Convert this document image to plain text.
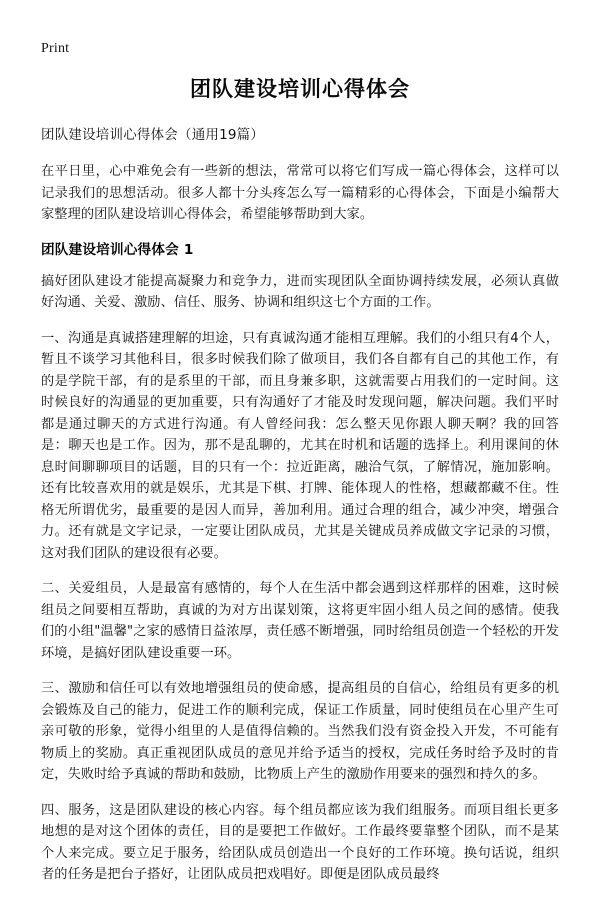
Print
团队建设培训心得体会
团队建设培训心得体会（通用19篇）

在平日里，心中难免会有一些新的想法，常常可以将它们写成一篇心得体会，这样可以记录我们的思想活动。很多人都十分头疼怎么写一篇精彩的心得体会，下面是小编帮大家整理的团队建设培训心得体会，希望能够帮助到大家。

团队建设培训心得体会 1

搞好团队建设才能提高凝聚力和竞争力，进而实现团队全面协调持续发展，必须认真做好沟通、关爱、激励、信任、服务、协调和组织这七个方面的工作。

一、沟通是真诚搭建理解的坦途，只有真诚沟通才能相互理解。我们的小组只有4个人，暂且不谈学习其他科目，很多时候我们除了做项目，我们各自都有自己的其他工作，有的是学院干部，有的是系里的干部，而且身兼多职，这就需要占用我们的一定时间。这时候良好的沟通显的更加重要，只有沟通好了才能及时发现问题，解决问题。我们平时都是通过聊天的方式进行沟通。有人曾经问我：怎么整天见你跟人聊天啊？我的回答是：聊天也是工作。因为，那不是乱聊的，尤其在时机和话题的选择上。利用课间的休息时间聊聊项目的话题，目的只有一个：拉近距离，融洽气氛，了解情况，施加影响。还有比较喜欢用的就是娱乐，尤其是下棋、打牌、能体现人的性格，想藏都藏不住。性格无所谓优劣，最重要的是因人而异，善加利用。通过合理的组合，减少冲突，增强合力。还有就是文字记录，一定要让团队成员，尤其是关键成员养成做文字记录的习惯，这对我们团队的建设很有必要。

二、关爱组员，人是最富有感情的，每个人在生活中都会遇到这样那样的困难，这时候组员之间要相互帮助，真诚的为对方出谋划策，这将更牢固小组人员之间的感情。使我们的小组"温馨"之家的感情日益浓厚，责任感不断增强，同时给组员创造一个轻松的开发环境，是搞好团队建设重要一环。

三、激励和信任可以有效地增强组员的使命感，提高组员的自信心，给组员有更多的机会锻炼及自己的能力，促进工作的顺利完成，保证工作质量，同时使组员在心里产生可亲可敬的形象，觉得小组里的人是值得信赖的。当然我们没有资金投入开发，不可能有物质上的奖励。真正重视团队成员的意见并给予适当的授权，完成任务时给予及时的肯定，失败时给予真诚的帮助和鼓励，比物质上产生的激励作用要来的强烈和持久的多。

四、服务，这是团队建设的核心内容。每个组员都应该为我们组服务。而项目组长更多地想的是对这个团体的责任，目的是要把工作做好。工作最终要靠整个团队，而不是某个人来完成。要立足于服务，给团队成员创造出一个良好的工作环境。换句话说，组织者的任务是把台子搭好，让团队成员把戏唱好。即便是团队成员最终
